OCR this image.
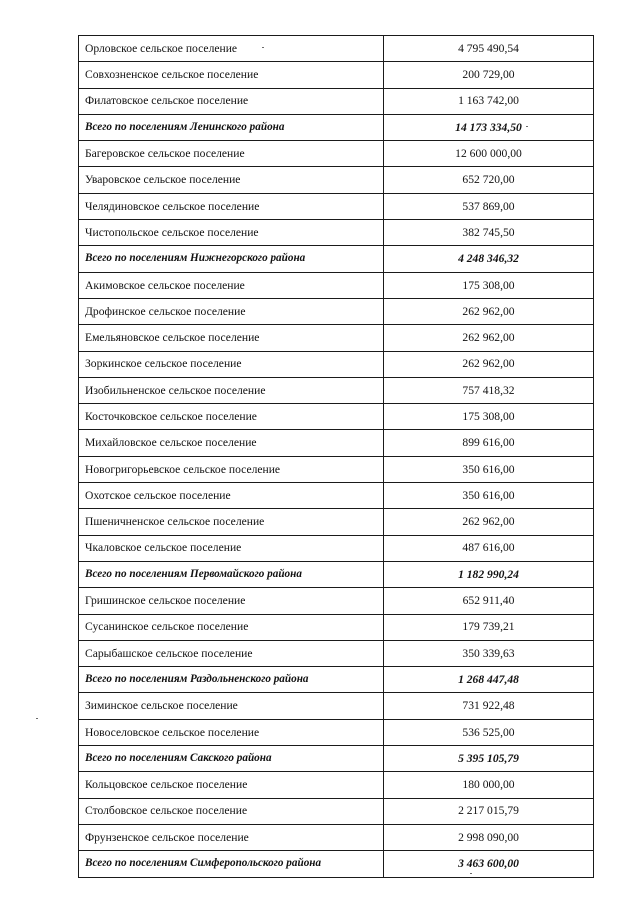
Орловское сельское поселение	4 795 490,54
Совхозненское сельское поселение	200 729,00
Филатовское сельское поселение	1 163 742,00
Всего по поселениям Ленинского района	14 173 334,50
Багеровское сельское поселение	12 600 000,00
Уваровское сельское поселение	652 720,00
Челядиновское сельское поселение	537 869,00
Чистопольское сельское поселение	382 745,50
Всего по поселениям Нижнегорского района	4 248 346,32
Акимовское сельское поселение	175 308,00
Дрофинское сельское поселение	262 962,00
Емельяновское сельское поселение	262 962,00
Зоркинское сельское поселение	262 962,00
Изобильненское сельское поселение	757 418,32
Косточковское сельское поселение	175 308,00
Михайловское сельское поселение	899 616,00
Новогригорьевское сельское поселение	350 616,00
Охотское сельское поселение	350 616,00
Пшеничненское сельское поселение	262 962,00
Чкаловское сельское поселение	487 616,00
Всего по поселениям Первомайского района	1 182 990,24
Гришинское сельское поселение	652 911,40
Сусанинское сельское поселение	179 739,21
Сарыбашское сельское поселение	350 339,63
Всего по поселениям Раздольненского района	1 268 447,48
Зиминское сельское поселение	731 922,48
Новоселовское сельское поселение	536 525,00
Всего по поселениям Сакского района	5 395 105,79
Кольцовское сельское поселение	180 000,00
Столбовское сельское поселение	2 217 015,79
Фрунзенское сельское поселение	2 998 090,00
Всего по поселениям Симферопольского района	3 463 600,00
